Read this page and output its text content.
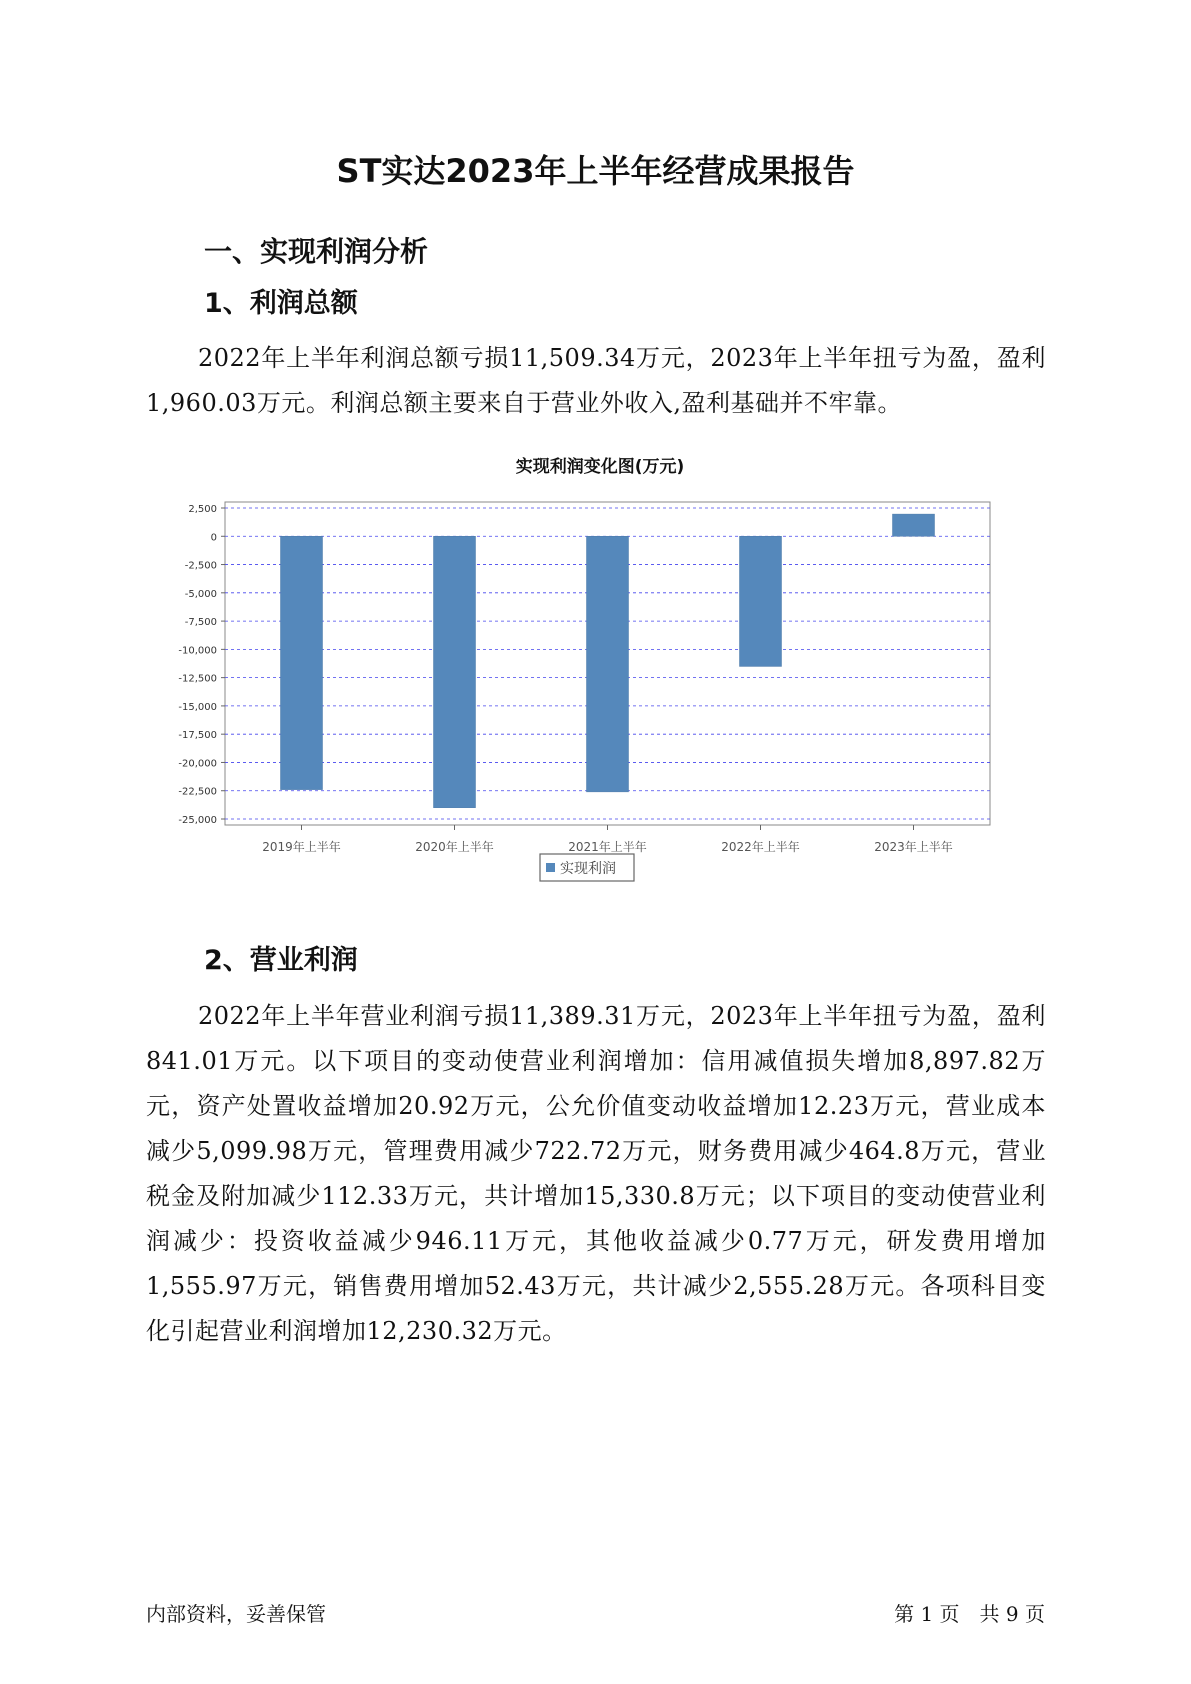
ST实达2023年上半年经营成果报告
一、实现利润分析
1、利润总额

2022年上半年利润总额亏损11,509.34万元，2023年上半年扭亏为盈，盈利1,960.03万元。利润总额主要来自于营业外收入,盈利基础并不牢靠。

实现利润变化图(万元)
2,500
0
-2,500
-5,000
-7,500
-10,000
-12,500
-15,000
-17,500
-20,000
-22,500
-25,000
2019年上半年	2020年上半年	2021年上半年	2022年上半年	2023年上半年
实现利润
2、营业利润

2022年上半年营业利润亏损11,389.31万元，2023年上半年扭亏为盈，盈利841.01万元。以下项目的变动使营业利润增加：信用减值损失增加8,897.82万元，资产处置收益增加20.92万元，公允价值变动收益增加12.23万元，营业成本减少5,099.98万元，管理费用减少722.72万元，财务费用减少464.8万元，营业税金及附加减少112.33万元，共计增加15,330.8万元；以下项目的变动使营业利润减少：投资收益减少946.11万元，其他收益减少0.77万元，研发费用增加1,555.97万元，销售费用增加52.43万元，共计减少2,555.28万元。各项科目变化引起营业利润增加12,230.32万元。

内部资料，妥善保管	第 1 页　共 9 页
